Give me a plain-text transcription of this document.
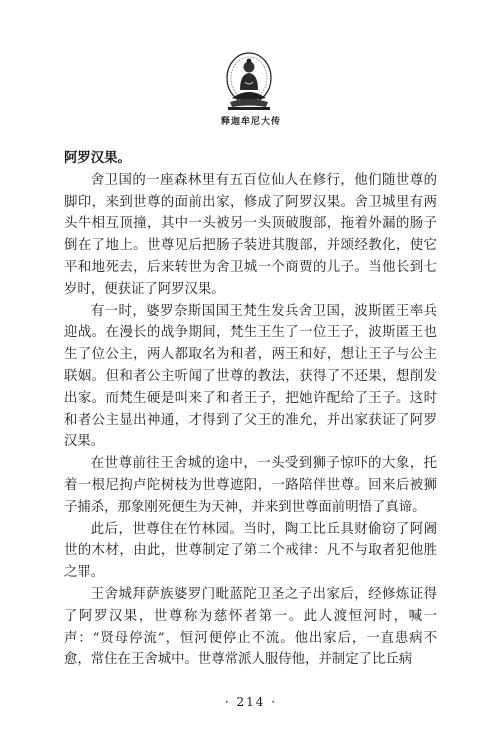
释迦牟尼大传

阿罗汉果。

舍卫国的一座森林里有五百位仙人在修行，他们随世尊的脚印，来到世尊的面前出家，修成了阿罗汉果。舍卫城里有两头牛相互顶撞，其中一头被另一头顶破腹部，拖着外漏的肠子倒在了地上。世尊见后把肠子装进其腹部，并颂经教化，使它平和地死去，后来转世为舍卫城一个商贾的儿子。当他长到七岁时，便获证了阿罗汉果。

有一时，婆罗奈斯国国王梵生发兵舍卫国，波斯匿王率兵迎战。在漫长的战争期间，梵生王生了一位王子，波斯匿王也生了位公主，两人都取名为和者，两王和好，想让王子与公主联姻。但和者公主听闻了世尊的教法，获得了不还果，想削发出家。而梵生硬是叫来了和者王子，把她许配给了王子。这时和者公主显出神通，才得到了父王的准允，并出家获证了阿罗汉果。

在世尊前往王舍城的途中，一头受到狮子惊吓的大象，托着一根尼拘卢陀树枝为世尊遮阳，一路陪伴世尊。回来后被狮子捕杀，那象刚死便生为天神，并来到世尊面前明悟了真谛。

此后，世尊住在竹林园。当时，陶工比丘具财偷窃了阿阇世的木材，由此，世尊制定了第二个戒律：凡不与取者犯他胜之罪。

王舍城拜萨族婆罗门毗蓝陀卫圣之子出家后，经修炼证得了阿罗汉果，世尊称为慈怀者第一。此人渡恒河时，喊一声：“贤母停流”，恒河便停止不流。他出家后，一直患病不愈，常住在王舍城中。世尊常派人服侍他，并制定了比丘病

· 214 ·
